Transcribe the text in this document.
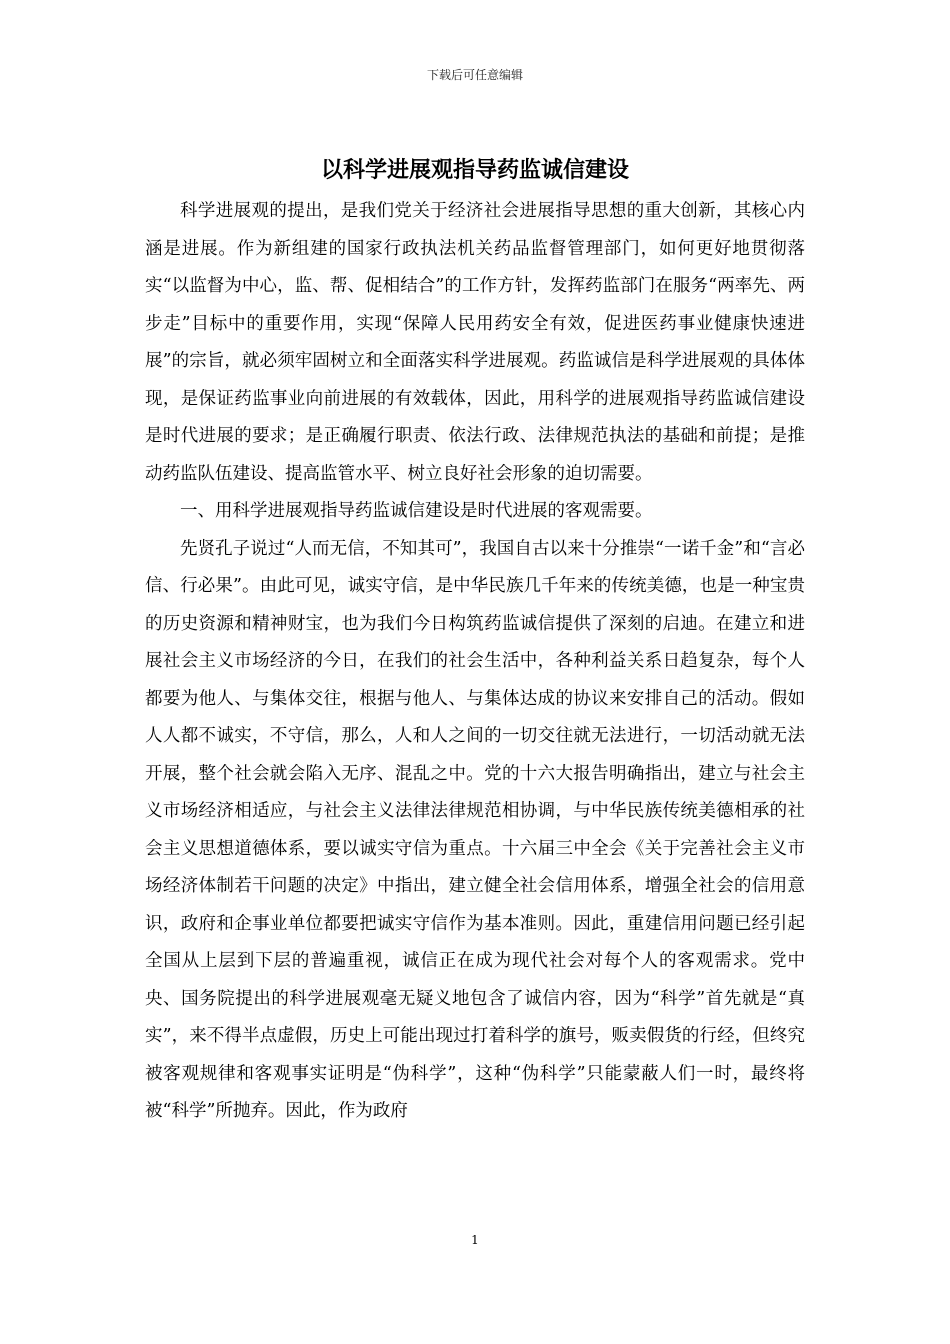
下载后可任意编辑
以科学进展观指导药监诚信建设

科学进展观的提出，是我们党关于经济社会进展指导思想的重大创新，其核心内涵是进展。作为新组建的国家行政执法机关药品监督管理部门，如何更好地贯彻落实“以监督为中心，监、帮、促相结合”的工作方针，发挥药监部门在服务“两率先、两步走”目标中的重要作用，实现“保障人民用药安全有效，促进医药事业健康快速进展”的宗旨，就必须牢固树立和全面落实科学进展观。药监诚信是科学进展观的具体体现，是保证药监事业向前进展的有效载体，因此，用科学的进展观指导药监诚信建设是时代进展的要求；是正确履行职责、依法行政、法律规范执法的基础和前提；是推动药监队伍建设、提高监管水平、树立良好社会形象的迫切需要。

一、用科学进展观指导药监诚信建设是时代进展的客观需要。

先贤孔子说过“人而无信，不知其可”，我国自古以来十分推崇“一诺千金”和“言必信、行必果”。由此可见，诚实守信，是中华民族几千年来的传统美德，也是一种宝贵的历史资源和精神财宝，也为我们今日构筑药监诚信提供了深刻的启迪。在建立和进展社会主义市场经济的今日，在我们的社会生活中，各种利益关系日趋复杂，每个人都要为他人、与集体交往，根据与他人、与集体达成的协议来安排自己的活动。假如人人都不诚实，不守信，那么，人和人之间的一切交往就无法进行，一切活动就无法开展，整个社会就会陷入无序、混乱之中。党的十六大报告明确指出，建立与社会主义市场经济相适应，与社会主义法律法律规范相协调，与中华民族传统美德相承的社会主义思想道德体系，要以诚实守信为重点。十六届三中全会《关于完善社会主义市场经济体制若干问题的决定》中指出，建立健全社会信用体系，增强全社会的信用意识，政府和企事业单位都要把诚实守信作为基本准则。因此，重建信用问题已经引起全国从上层到下层的普遍重视，诚信正在成为现代社会对每个人的客观需求。党中央、国务院提出的科学进展观毫无疑义地包含了诚信内容，因为“科学”首先就是“真实”，来不得半点虚假，历史上可能出现过打着科学的旗号，贩卖假货的行经，但终究被客观规律和客观事实证明是“伪科学”，这种“伪科学”只能蒙蔽人们一时，最终将被“科学”所抛弃。因此，作为政府

1
